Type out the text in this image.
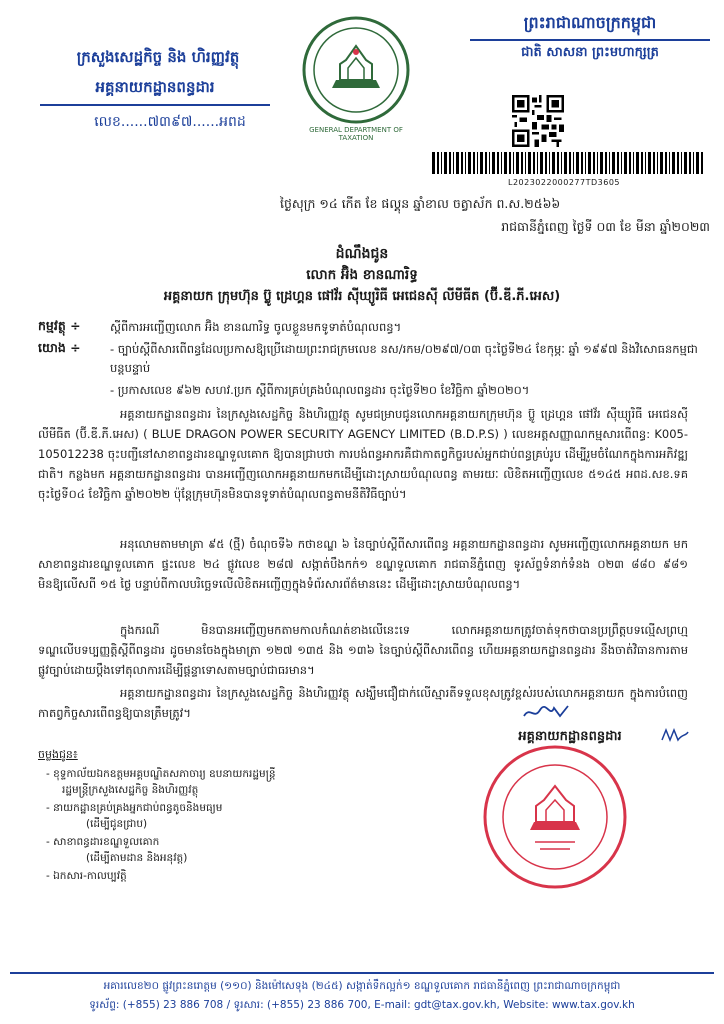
ក្រសួងសេដ្ឋកិច្ច និង ហិរញ្ញវត្ថុ
អគ្គនាយកដ្ឋានពន្ធដារ
លេខ......៧៣៩៧......អពដ	GENERAL DEPARTMENT OF TAXATION
ព្រះរាជាណាចក្រកម្ពុជា
ជាតិ សាសនា ព្រះមហាក្សត្រ
L2023022000277TD3605
ថ្ងៃសុក្រ ១៤ កើត ខែ ផល្គុន ឆ្នាំខាល ចត្វាស័ក ព.ស.២៥៦៦
រាជធានីភ្នំពេញ ថ្ងៃទី ០៣ ខែ មីនា ឆ្នាំ២០២៣
ដំណឹងជូន
លោក អ៊ិង ខានណារិទ្ធ
អគ្គនាយក ក្រុមហ៊ុន ប៊្លូ ដ្រេហ្គន ផៅវ័រ ស៊ីឃ្យូរិធី អេជេនស៊ី លីមីធីត (ប៊ី.ឌី.ភី.អេស)
កម្មវត្ថុ ÷	ស្តីពីការអញ្ជើញលោក អ៊ិង ខានណារិទ្ធ ចូលខ្លួនមកទូទាត់បំណុលពន្ធ។
យោង ÷	- ច្បាប់ស្តីពីសារពើពន្ធដែលប្រកាសឱ្យប្រើដោយព្រះរាជក្រមលេខ នស/រកម/០២៩៧/០៣ ចុះថ្ងៃទី២៤ ខែកុម្ភៈ ឆ្នាំ ១៩៩៧ និងវិសោធនកម្មជាបន្តបន្ទាប់
- ប្រកាសលេខ ៩៦២ សហវ.ប្រក ស្តីពីការគ្រប់គ្រងបំណុលពន្ធដារ ចុះថ្ងៃទី២០ ខែវិច្ឆិកា ឆ្នាំ២០២០។
អគ្គនាយកដ្ឋានពន្ធដារ នៃក្រសួងសេដ្ឋកិច្ច និងហិរញ្ញវត្ថុ សូមជម្រាបជូនលោកអគ្គនាយកក្រុមហ៊ុន ប៊្លូ ដ្រេហ្គន ផៅវ័រ ស៊ីឃ្យូរិធី អេជេនស៊ី លីមីធីត (ប៊ី.ឌី.ភី.អេស) ( BLUE DRAGON POWER SECURITY AGENCY LIMITED (B.D.P.S) ) លេខអត្តសញ្ញាណកម្មសារពើពន្ធ: K005-105012238 ចុះបញ្ជីនៅសាខាពន្ធដារខណ្ឌទួលគោក ឱ្យបានជ្រាបថា ការបង់ពន្ធអាករគឺជាកាតព្វកិច្ចរបស់អ្នកជាប់ពន្ធគ្រប់រូប ដើម្បីរួមចំណែកក្នុងការអភិវឌ្ឍជាតិ។ កន្លងមក អគ្គនាយកដ្ឋានពន្ធដារ បានអញ្ជើញលោកអគ្គនាយកមកដើម្បីដោះស្រាយបំណុលពន្ធ តាមរយៈ លិខិតអញ្ជើញលេខ ៥១៤៥ អពដ.សខ.ទគ ចុះថ្ងៃទី០៤ ខែវិច្ឆិកា ឆ្នាំ២០២២ ប៉ុន្តែក្រុមហ៊ុនមិនបានទូទាត់បំណុលពន្ធតាមនីតិវិធីច្បាប់។
អនុលោមតាមមាត្រា ៩៥ (ថ្មី) ចំណុចទី៦ កថាខណ្ឌ ៦ នៃច្បាប់ស្តីពីសារពើពន្ធ អគ្គនាយកដ្ឋានពន្ធដារ សូមអញ្ជើញលោកអគ្គនាយក មកសាខាពន្ធដារខណ្ឌទួលគោក ផ្ទះលេខ ២៤ ផ្លូវលេខ ២៨៧ សង្កាត់បឹងកក់១ ខណ្ឌទួលគោក រាជធានីភ្នំពេញ ទូរស័ព្ទទំនាក់ទំនង ០២៣ ៨៨០ ៩៨១ មិនឱ្យលើសពី ១៥ ថ្ងៃ បន្ទាប់ពីកាលបរិច្ឆេទលើលិខិតអញ្ជើញក្នុងទំព័រសារព័ត៌មាននេះ ដើម្បីដោះស្រាយបំណុលពន្ធ។
ក្នុងករណី មិនបានអញ្ជើញមកតាមកាលកំណត់ខាងលើនេះទេ លោកអគ្គនាយកត្រូវចាត់ទុកថាបានប្រព្រឹត្តបទល្មើសព្រហ្មទណ្ឌលើបទប្បញ្ញត្តិស្តីពីពន្ធដារ ដូចមានចែងក្នុងមាត្រា ១២៧ ១៣៥ និង ១៣៦ នៃច្បាប់ស្តីពីសារពើពន្ធ ហើយអគ្គនាយកដ្ឋានពន្ធដារ នឹងចាត់វិធានការតាមផ្លូវច្បាប់ដោយប្តឹងទៅតុលាការដើម្បីផ្តន្ទាទោសតាមច្បាប់ជាធរមាន។
អគ្គនាយកដ្ឋានពន្ធដារ នៃក្រសួងសេដ្ឋកិច្ច និងហិរញ្ញវត្ថុ សង្ឃឹមជឿជាក់លើស្មារតីទទួលខុសត្រូវខ្ពស់របស់លោកអគ្គនាយក ក្នុងការបំពេញកាតព្វកិច្ចសារពើពន្ធឱ្យបានត្រឹមត្រូវ។
អគ្គនាយកដ្ឋានពន្ធដារ
ចម្លងជូន៖
- ខុទ្ទកាល័យឯកឧត្តមអគ្គបណ្ឌិតសភាចារ្យ ឧបនាយករដ្ឋមន្ត្រី
រដ្ឋមន្ត្រីក្រសួងសេដ្ឋកិច្ច និងហិរញ្ញវត្ថុ
- នាយកដ្ឋានគ្រប់គ្រងអ្នកជាប់ពន្ធតូចនិងមធ្យម
(ដើម្បីជូនជ្រាប)
- សាខាពន្ធដារខណ្ឌទួលគោក
(ដើម្បីតាមដាន និងអនុវត្ត)
- ឯកសារ-កាលប្បវត្តិ
អគារលេខ២០ ផ្លូវព្រះនរោត្តម (១១០) និងម៉ៅសេទុង (២៤៥) សង្កាត់ទឹកល្អក់១ ខណ្ឌទួលគោក រាជធានីភ្នំពេញ ព្រះរាជាណាចក្រកម្ពុជា
ទូរស័ព្ទ: (+855) 23 886 708 / ទូរសារ: (+855) 23 886 700, E-mail: gdt@tax.gov.kh, Website: www.tax.gov.kh
